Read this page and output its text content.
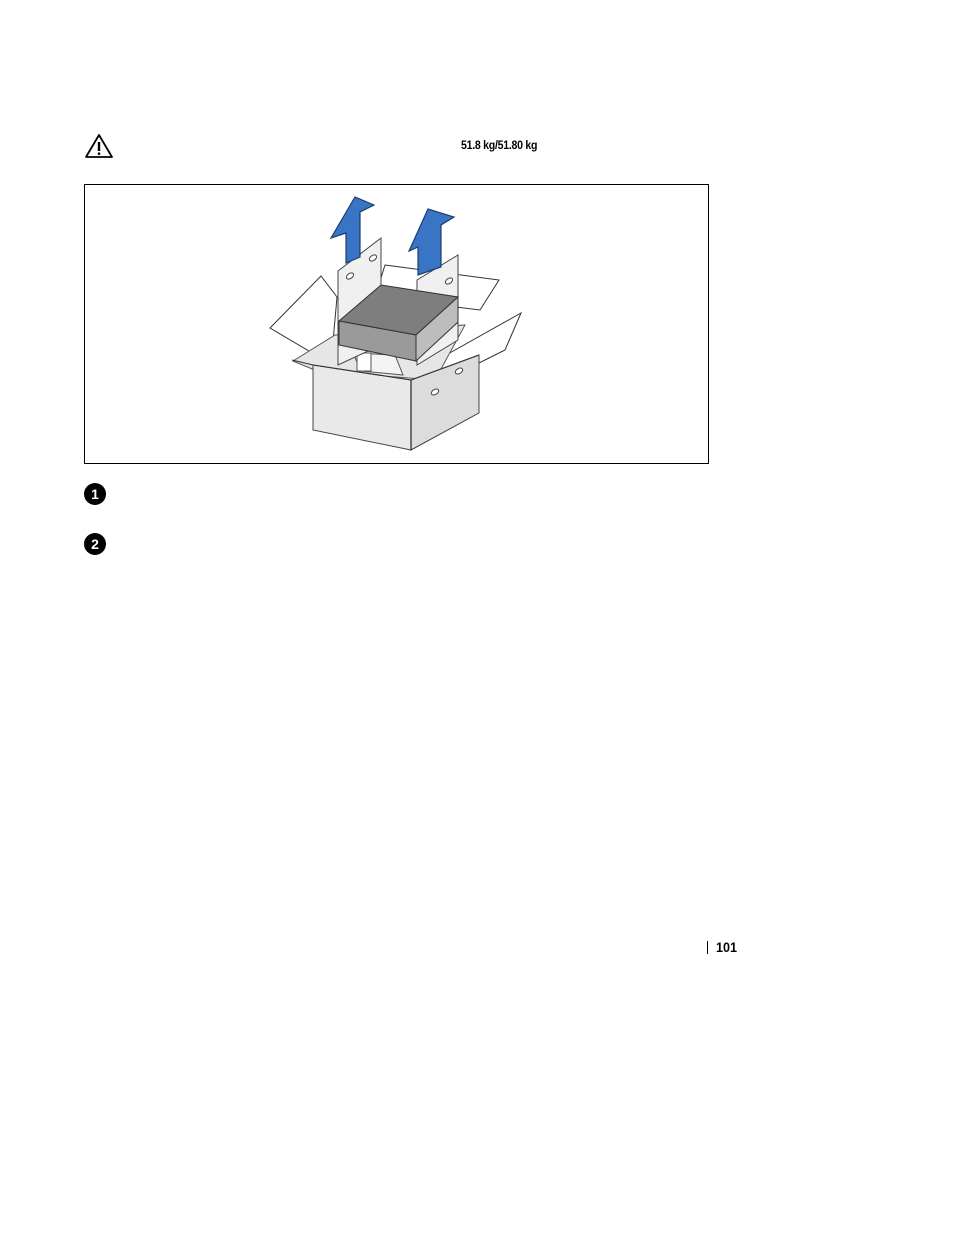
51.8 kg/51.80 kg
1
2
101
